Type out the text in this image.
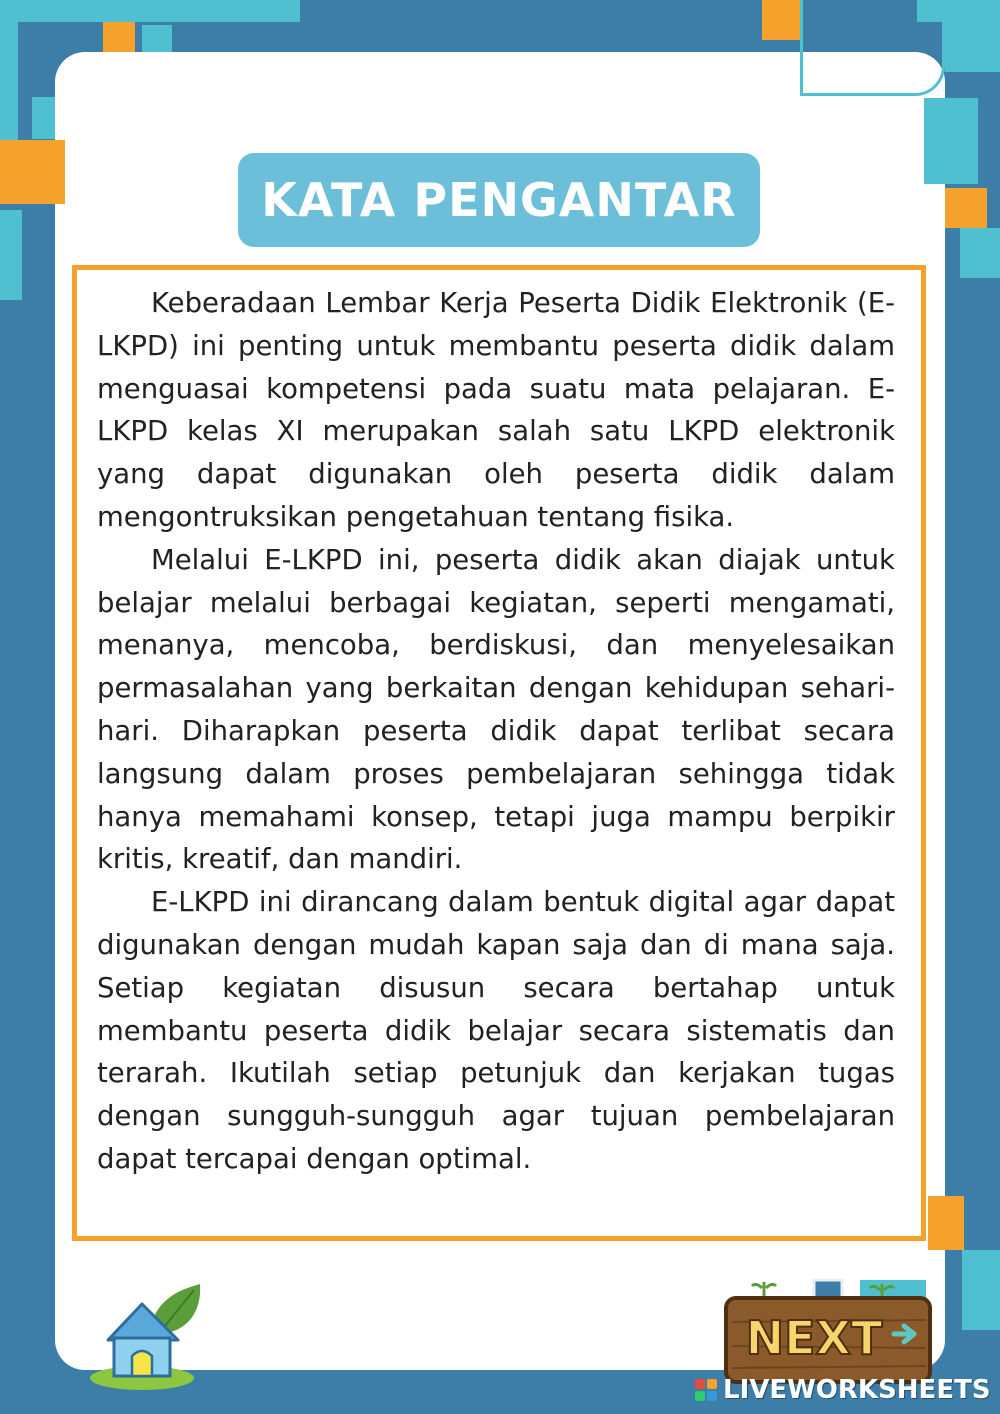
KATA PENGANTAR

Keberadaan Lembar Kerja Peserta Didik Elektronik (E-LKPD) ini penting untuk membantu peserta didik dalam menguasai kompetensi pada suatu mata pelajaran. E-LKPD kelas XI merupakan salah satu LKPD elektronik yang dapat digunakan oleh peserta didik dalam mengontruksikan pengetahuan tentang fisika.

Melalui E-LKPD ini, peserta didik akan diajak untuk belajar melalui berbagai kegiatan, seperti mengamati, menanya, mencoba, berdiskusi, dan menyelesaikan permasalahan yang berkaitan dengan kehidupan sehari-hari. Diharapkan peserta didik dapat terlibat secara langsung dalam proses pembelajaran sehingga tidak hanya memahami konsep, tetapi juga mampu berpikir kritis, kreatif, dan mandiri.

E-LKPD ini dirancang dalam bentuk digital agar dapat digunakan dengan mudah kapan saja dan di mana saja. Setiap kegiatan disusun secara bertahap untuk membantu peserta didik belajar secara sistematis dan terarah. Ikutilah setiap petunjuk dan kerjakan tugas dengan sungguh-sungguh agar tujuan pembelajaran dapat tercapai dengan optimal.

NEXT
LIVEWORKSHEETS
